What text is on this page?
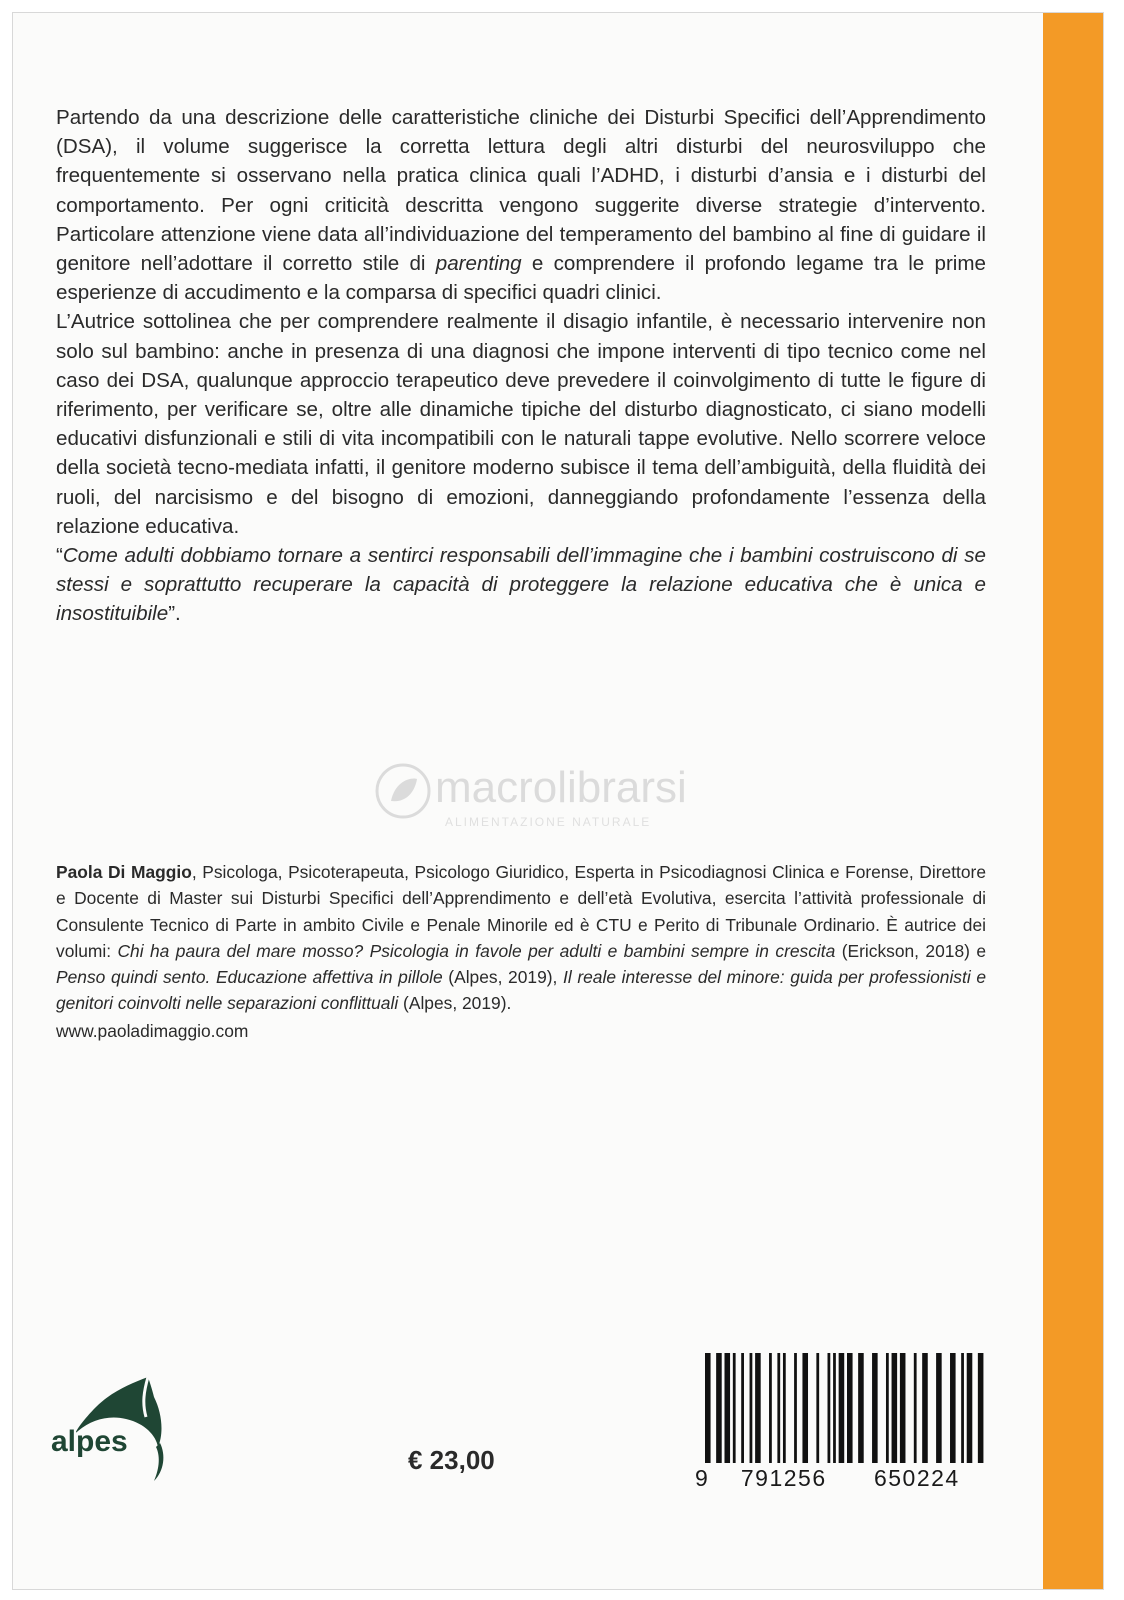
Partendo da una descrizione delle caratteristiche cliniche dei Disturbi Specifici dell’Apprendimento (DSA), il volume suggerisce la corretta lettura degli altri disturbi del neurosviluppo che frequentemente si osservano nella pratica clinica quali l’ADHD, i disturbi d’ansia e i disturbi del comportamento. Per ogni criticità descritta vengono suggerite diverse strategie d’intervento. Particolare attenzione viene data all’individuazione del temperamento del bambino al fine di guidare il genitore nell’adottare il corretto stile di parenting e comprendere il profondo legame tra le prime esperienze di accudimento e la comparsa di specifici quadri clinici.

L’Autrice sottolinea che per comprendere realmente il disagio infantile, è necessario intervenire non solo sul bambino: anche in presenza di una diagnosi che impone interventi di tipo tecnico come nel caso dei DSA, qualunque approccio terapeutico deve prevedere il coinvolgimento di tutte le figure di riferimento, per verificare se, oltre alle dinamiche tipiche del disturbo diagnosticato, ci siano modelli educativi disfunzionali e stili di vita incompatibili con le naturali tappe evolutive. Nello scorrere veloce della società tecno-mediata infatti, il genitore moderno subisce il tema dell’ambiguità, della fluidità dei ruoli, del narcisismo e del bisogno di emozioni, danneggiando profondamente l’essenza della relazione educativa.

“Come adulti dobbiamo tornare a sentirci responsabili dell’immagine che i bambini costruiscono di se stessi e soprattutto recuperare la capacità di proteggere la relazione educativa che è unica e insostituibile”.

macrolibrarsi
ALIMENTAZIONE NATURALE
Paola Di Maggio, Psicologa, Psicoterapeuta, Psicologo Giuridico, Esperta in Psicodiagnosi Clinica e Forense, Direttore e Docente di Master sui Disturbi Specifici dell’Apprendimento e dell’età Evolutiva, esercita l’attività professionale di Consulente Tecnico di Parte in ambito Civile e Penale Minorile ed è CTU e Perito di Tribunale Ordinario. È autrice dei volumi: Chi ha paura del mare mosso? Psicologia in favole per adulti e bambini sempre in crescita (Erickson, 2018) e Penso quindi sento. Educazione affettiva in pillole (Alpes, 2019), Il reale interesse del minore: guida per professionisti e genitori coinvolti nelle separazioni conflittuali (Alpes, 2019).
www.paoladimaggio.com
alpes
€ 23,00
9 791256 650224
